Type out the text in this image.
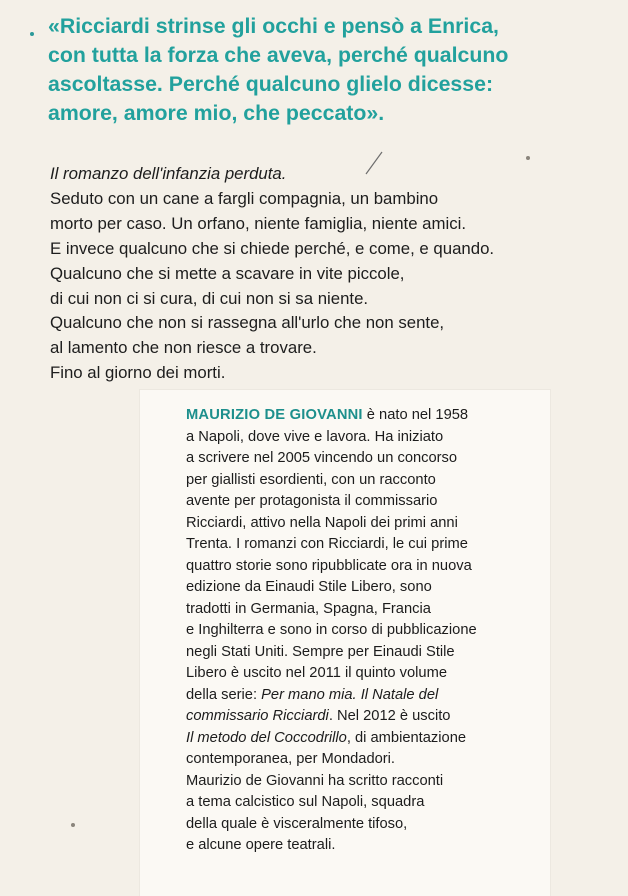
«Ricciardi strinse gli occhi e pensò a Enrica,

con tutta la forza che aveva, perché qualcuno

ascoltasse. Perché qualcuno glielo dicesse:

amore, amore mio, che peccato».

Il romanzo dell'infanzia perduta.

Seduto con un cane a fargli compagnia, un bambino

morto per caso. Un orfano, niente famiglia, niente amici.

E invece qualcuno che si chiede perché, e come, e quando.

Qualcuno che si mette a scavare in vite piccole,

di cui non ci si cura, di cui non si sa niente.

Qualcuno che non si rassegna all'urlo che non sente,

al lamento che non riesce a trovare.

Fino al giorno dei morti.

MAURIZIO DE GIOVANNI è nato nel 1958

a Napoli, dove vive e lavora. Ha iniziato

a scrivere nel 2005 vincendo un concorso

per giallisti esordienti, con un racconto

avente per protagonista il commissario

Ricciardi, attivo nella Napoli dei primi anni

Trenta. I romanzi con Ricciardi, le cui prime

quattro storie sono ripubblicate ora in nuova

edizione da Einaudi Stile Libero, sono

tradotti in Germania, Spagna, Francia

e Inghilterra e sono in corso di pubblicazione

negli Stati Uniti. Sempre per Einaudi Stile

Libero è uscito nel 2011 il quinto volume

della serie: Per mano mia. Il Natale del

commissario Ricciardi. Nel 2012 è uscito

Il metodo del Coccodrillo, di ambientazione

contemporanea, per Mondadori.

Maurizio de Giovanni ha scritto racconti

a tema calcistico sul Napoli, squadra

della quale è visceralmente tifoso,

e alcune opere teatrali.
